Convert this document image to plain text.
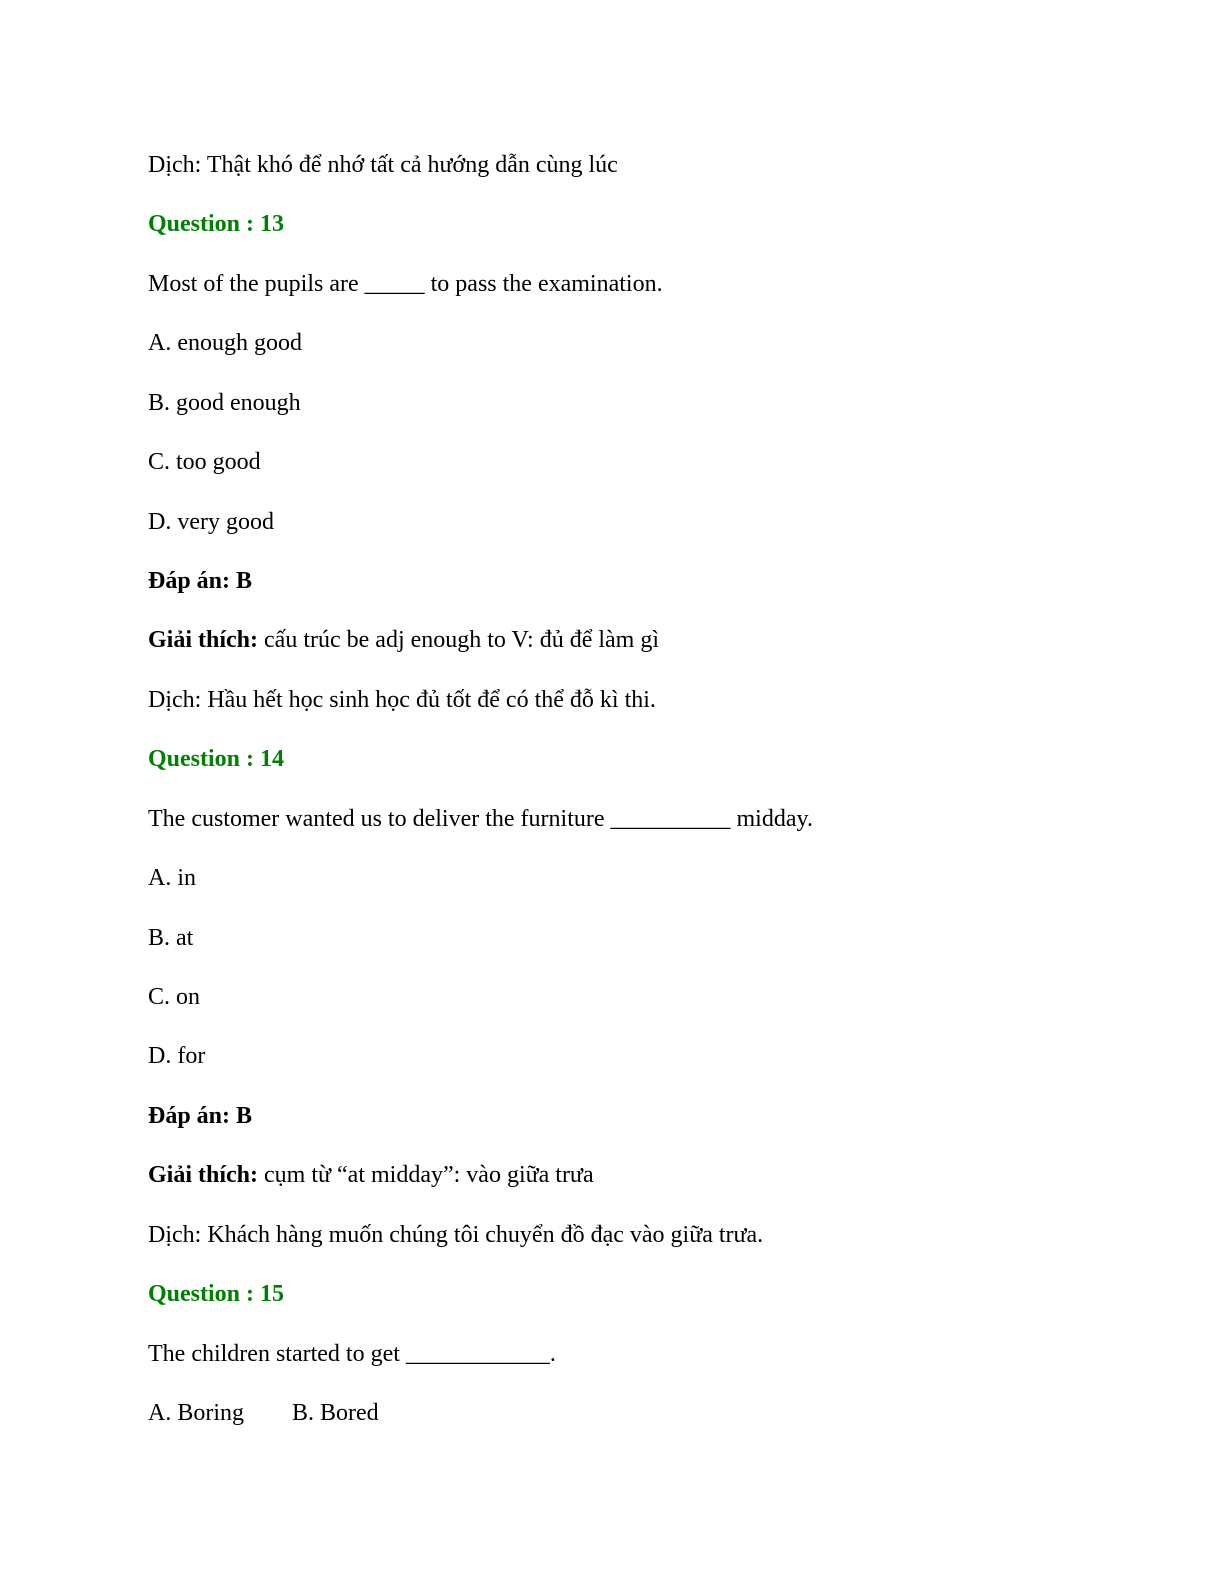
Dịch: Thật khó để nhớ tất cả hướng dẫn cùng lúc
Question : 13
Most of the pupils are _____ to pass the examination.
A. enough good
B. good enough
C. too good
D. very good
Đáp án: B
Giải thích: cấu trúc be adj enough to V: đủ để làm gì
Dịch: Hầu hết học sinh học đủ tốt để có thể đỗ kì thi.
Question : 14
The customer wanted us to deliver the furniture __________ midday.
A. in
B. at
C. on
D. for
Đáp án: B
Giải thích: cụm từ “at midday”: vào giữa trưa
Dịch: Khách hàng muốn chúng tôi chuyển đồ đạc vào giữa trưa.
Question : 15
The children started to get ____________.
A. Boring B. Bored
